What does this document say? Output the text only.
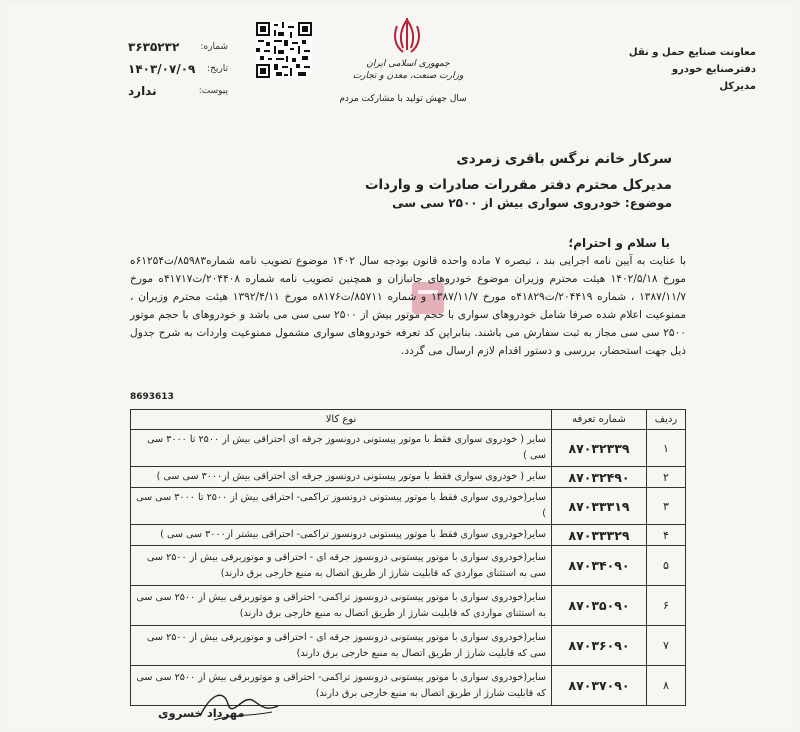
معاونت صنایع حمل و نقل
دفترصنایع خودرو
مدیرکل
جمهوری اسلامی ایران
وزارت صنعت، معدن و تجارت
سال جهش تولید با مشارکت مردم
شماره:
۳۶۳۵۲۳۲
تاریخ:
۱۴۰۳/۰۷/۰۹
پیوست:
ندارد
سرکار خانم نرگس باقری زمردی
مدیرکل محترم دفتر مقررات صادرات و واردات
موضوع: خودروی سواری بیش از ۲۵۰۰ سی سی
با سلام و احترام؛
با عنایت به آیین نامه اجرایی بند ، تبصره ۷ ماده واحده قانون بودجه سال ۱۴۰۲ موضوع تصویب نامه شماره۸۵۹۸۳/ت۶۱۲۵۴ه مورخ ۱۴۰۲/۵/۱۸ هیئت محترم وزیران موضوع خودروهای جانبازان و همچنین تصویب نامه شماره ۲۰۴۴۰۸/ت۴۱۷۱۷ه مورخ ۱۳۸۷/۱۱/۷ ، شماره ۲۰۴۴۱۹/ت۴۱۸۲۹ه مورخ ۱۳۸۷/۱۱/۷ و شماره ۸۵۷۱۱/ت۸۱۷۶ه مورخ ۱۳۹۲/۴/۱۱ هیئت محترم وزیران ، ممنوعیت اعلام شده صرفا شامل خودروهای سواری با حجم موتور بیش از ۲۵۰۰ سی سی می باشد و خودروهای با حجم موتور ۲۵۰۰ سی سی مجاز به ثبت سفارش می باشند. بنابراین کد تعرفه خودروهای سواری مشمول ممنوعیت واردات به شرح جدول ذیل جهت استحضار، بررسی و دستور اقدام لازم ارسال می گردد.
8693613
ردیف	شماره تعرفه	نوع کالا
۱	۸۷۰۳۲۳۳۹	سایر ( خودروی سواری فقط با موتور پیستونی درونسوز جرقه ای احتراقی بیش از ۲۵۰۰ تا ۳۰۰۰ سی سی )
۲	۸۷۰۳۲۴۹۰	سایر ( خودروی سواری فقط با موتور پیستونی درونسوز جرقه ای احتراقی بیش از۳۰۰۰ سی سی )
۳	۸۷۰۳۳۳۱۹	سایر(خودروی سواری فقط با موتور پیستونی درونسوز تراکمی- احتراقی بیش از ۲۵۰۰ تا ۳۰۰۰ سی سی )
۴	۸۷۰۳۳۳۲۹	سایر(خودروی سواری فقط با موتور پیستونی درونسوز تراکمی- احتراقی بیشتر از۳۰۰۰ سی سی )
۵	۸۷۰۳۴۰۹۰	سایر(خودروی سواری با موتور پیستونی درونسوز جرقه ای - احتراقی و موتوربرقی بیش از ۲۵۰۰ سی سی به استثنای مواردی که قابلیت شارژ از طریق اتصال به منبع خارجی برق دارند)
۶	۸۷۰۳۵۰۹۰	سایر(خودروی سواری با موتور پیستونی درونسوز تراکمی- احتراقی و موتوربرقی بیش از ۲۵۰۰ سی سی به استثنای مواردی که قابلیت شارژ از طریق اتصال به منبع خارجی برق دارند)
۷	۸۷۰۳۶۰۹۰	سایر(خودروی سواری با موتور پیستونی درونسوز جرقه ای - احتراقی و موتوربرقی بیش از ۲۵۰۰ سی سی که قابلیت شارژ از طریق اتصال به منبع خارجی برق دارند)
۸	۸۷۰۳۷۰۹۰	سایر(خودروی سواری با موتور پیستونی درونسوز تراکمی- احتراقی و موتوربرقی بیش از ۲۵۰۰ سی سی که قابلیت شارژ از طریق اتصال به منبع خارجی برق دارند)
مهرداد خسروی
